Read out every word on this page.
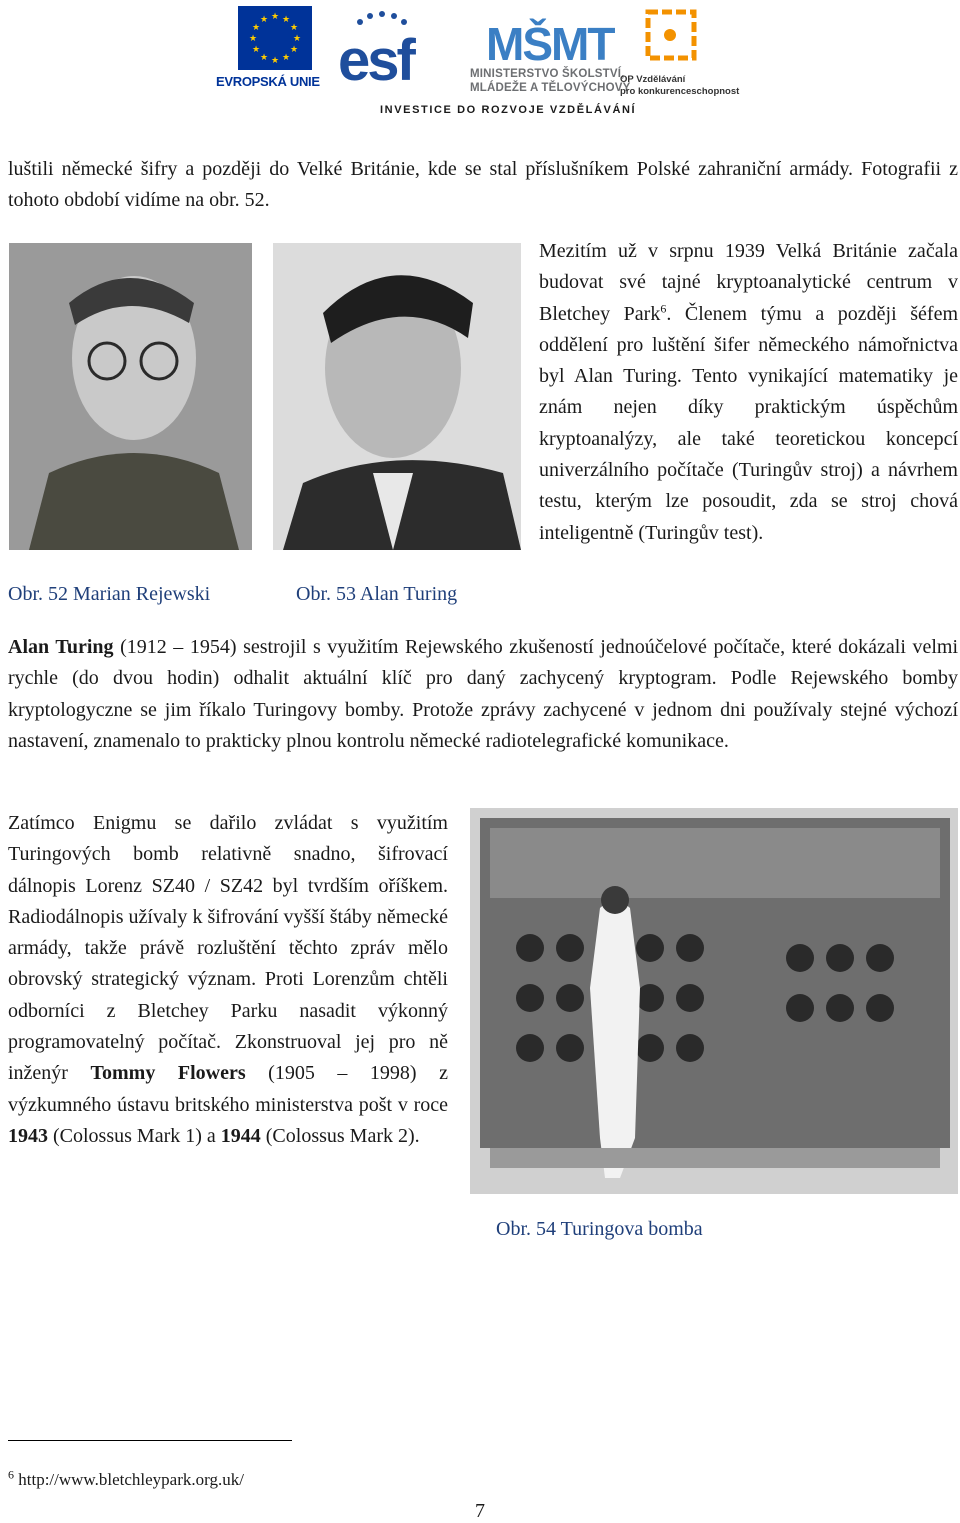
★ ★
★
★
★
★
★
★
★
★
★
★
EVROPSKÁ UNIE esf MŠMT
MINISTERSTVO ŠKOLSTVÍ,
MLÁDEŽE A TĚLOVÝCHOVY
OP Vzdělávání
pro konkurenceschopnost
INVESTICE DO ROZVOJE VZDĚLÁVÁNÍ
luštili německé šifry a později do Velké Británie, kde se stal příslušníkem Polské zahraniční armády. Fotografii z tohoto období vidíme na obr. 52.
Mezitím už v srpnu 1939 Velká Británie začala budovat své tajné kryptoanalytické centrum v Bletchey Park$^6$. Členem týmu a později šéfem oddělení pro luštění šifer německého námořnictva byl Alan Turing. Tento vynikající matematiky je znám nejen díky praktickým úspěchům kryptoanalýzy, ale také teoretickou koncepcí univerzálního počítače (Turingův stroj) a návrhem testu, kterým lze posoudit, zda se stroj chová inteligentně (Turingův test).
Obr. 52 Marian Rejewski	Obr. 53 Alan Turing
Alan Turing (1912 – 1954) sestrojil s využitím Rejewského zkušeností jednoúčelové počítače, které dokázali velmi rychle (do dvou hodin) odhalit aktuální klíč pro daný zachycený kryptogram. Podle Rejewského bomby kryptologyczne se jim říkalo Turingovy bomby. Protože zprávy zachycené v jednom dni používaly stejné výchozí nastavení, znamenalo to prakticky plnou kontrolu německé radiotelegrafické komunikace.
Zatímco Enigmu se dařilo zvládat s využitím Turingových bomb relativně snadno, šifrovací dálnopis Lorenz SZ40 / SZ42 byl tvrdším oříškem. Radiodálnopis užívaly k šifrování vyšší štáby německé armády, takže právě rozluštění těchto zpráv mělo obrovský strategický význam. Proti Lorenzům chtěli odborníci z Bletchey Parku nasadit výkonný programovatelný počítač. Zkonstruoval jej pro ně inženýr Tommy Flowers (1905 – 1998) z výzkumného ústavu britského ministerstva pošt v roce 1943 (Colossus Mark 1) a 1944 (Colossus Mark 2).
Obr. 54 Turingova bomba
$^6$ http://www.bletchleypark.org.uk/
7
